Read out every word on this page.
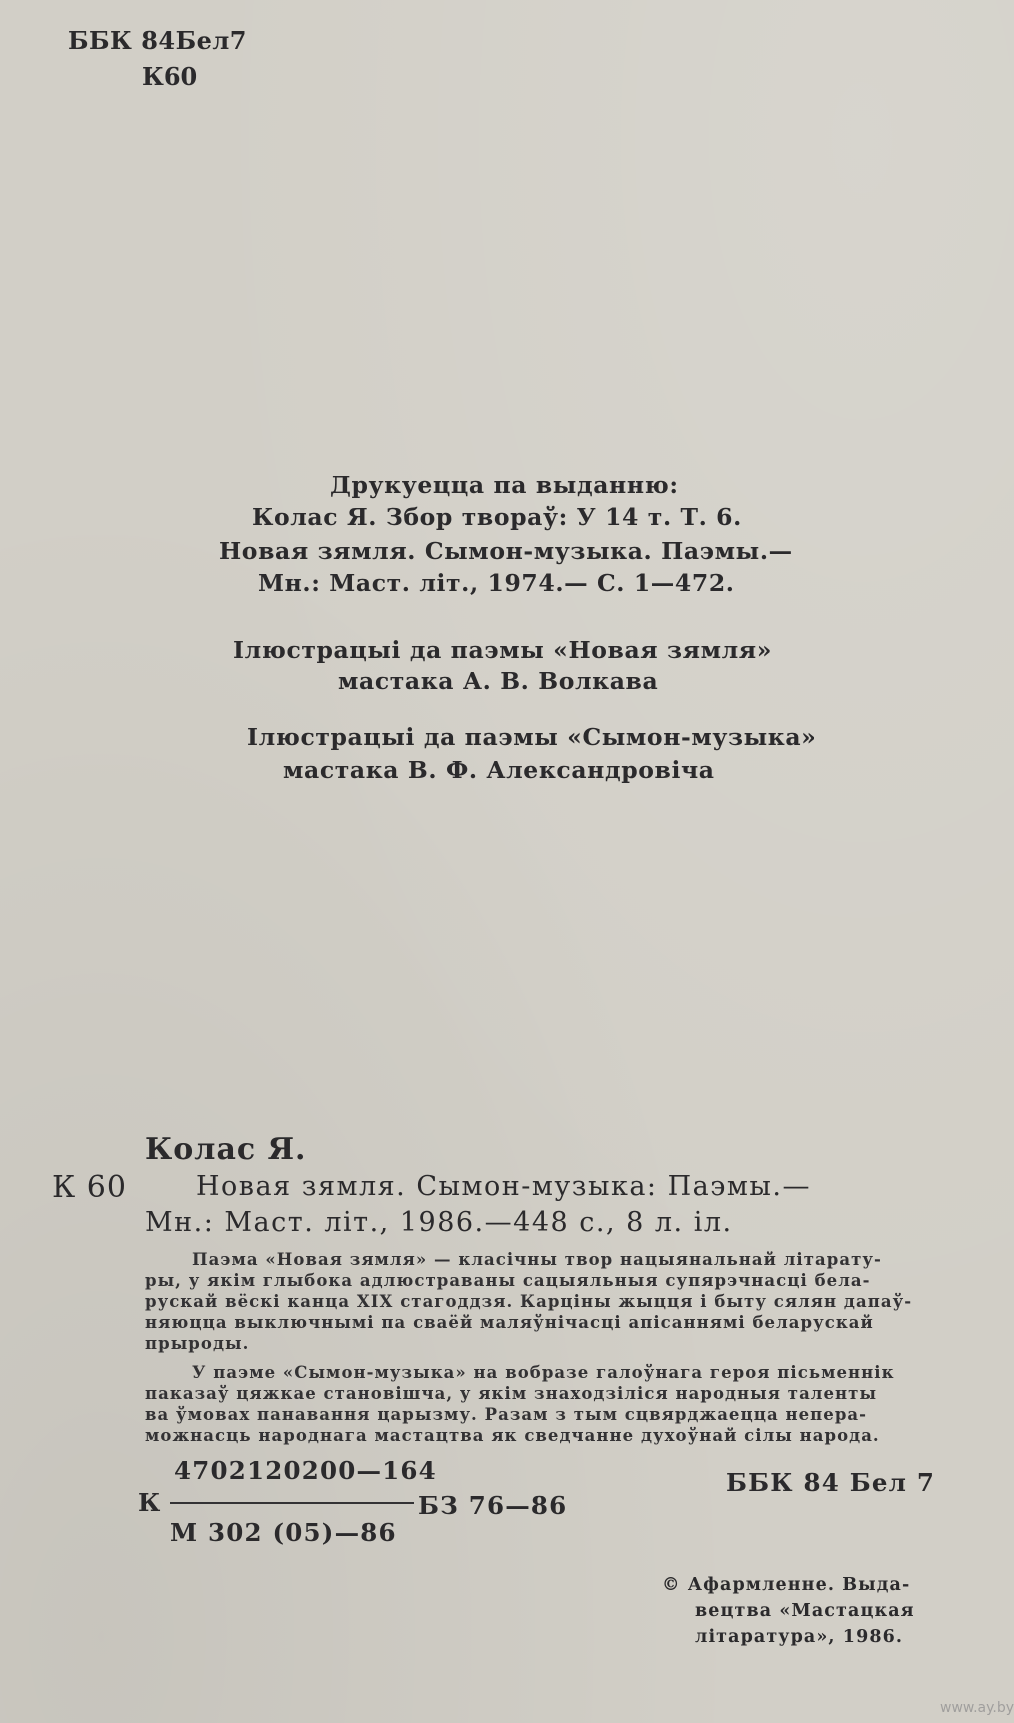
ББК 84Бел7
К60
Друкуецца па выданню:
Колас Я. Збор твораў: У 14 т. Т. 6.
Новая зямля. Сымон-музыка. Паэмы.—
Мн.: Маст. літ., 1974.— С. 1—472.
Ілюстрацыі да паэмы «Новая зямля»
мастака А. В. Волкава
Ілюстрацыі да паэмы «Сымон-музыка»
мастака В. Ф. Александровіча
Колас Я.
К 60	Новая зямля. Сымон-музыка: Паэмы.—
Мн.: Маст. літ., 1986.—448 с., 8 л. іл.
Паэма «Новая зямля» — класічны твор нацыянальнай літарату-
ры, у якім глыбока адлюстраваны сацыяльныя супярэчнасці бела-
рускай вёскі канца XIX стагоддзя. Карціны жыцця і быту сялян дапаў-
няюцца выключнымі па сваёй маляўнічасці апісаннямі беларускай
прыроды.
У паэме «Сымон-музыка» на вобразе галоўнага героя пісьменнік
паказаў цяжкае становішча, у якім знаходзіліся народныя таленты
ва ўмовах панавання царызму. Разам з тым сцвярджаецца непера-
можнасць народнага мастацтва як сведчанне духоўнай сілы народа.
К
4702120200—164
М 302 (05)—86
БЗ 76—86
ББК 84 Бел 7
© Афармленне. Выда-
вецтва «Мастацкая
літаратура», 1986.
www.ay.by
